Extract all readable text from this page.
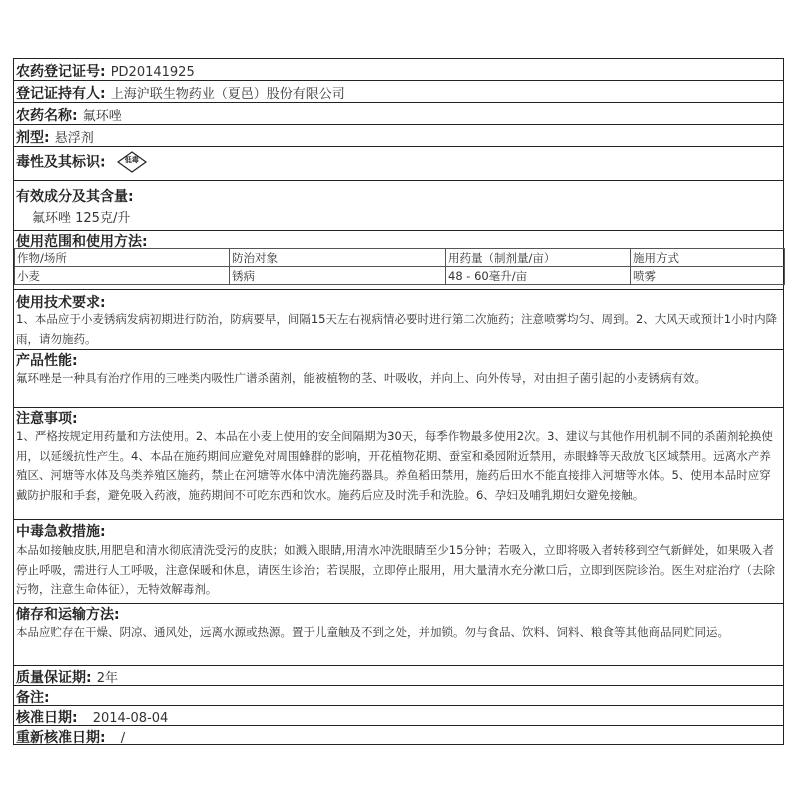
农药登记证号: PD20141925
登记证持有人: 上海沪联生物药业（夏邑）股份有限公司
农药名称: 氟环唑
剂型: 悬浮剂
毒性及其标识:	低毒
有效成分及其含量:
氟环唑 125克/升
使用范围和使用方法:
作物/场所	防治对象	用药量（制剂量/亩）	施用方式
小麦	锈病	48 - 60毫升/亩	喷雾
使用技术要求:
1、本品应于小麦锈病发病初期进行防治，防病要早，间隔15天左右视病情必要时进行第二次施药；注意喷雾均匀、周到。2、大风天或预计1小时内降雨，请勿施药。
产品性能:
氟环唑是一种具有治疗作用的三唑类内吸性广谱杀菌剂，能被植物的茎、叶吸收，并向上、向外传导，对由担子菌引起的小麦锈病有效。
注意事项:
1、严格按规定用药量和方法使用。2、本品在小麦上使用的安全间隔期为30天，每季作物最多使用2次。3、建议与其他作用机制不同的杀菌剂轮换使用，以延缓抗性产生。4、本品在施药期间应避免对周围蜂群的影响，开花植物花期、蚕室和桑园附近禁用，赤眼蜂等天敌放飞区域禁用。远离水产养殖区、河塘等水体及鸟类养殖区施药，禁止在河塘等水体中清洗施药器具。养鱼稻田禁用，施药后田水不能直接排入河塘等水体。5、使用本品时应穿戴防护服和手套，避免吸入药液，施药期间不可吃东西和饮水。施药后应及时洗手和洗脸。6、孕妇及哺乳期妇女避免接触。
中毒急救措施:
本品如接触皮肤,用肥皂和清水彻底清洗受污的皮肤；如溅入眼睛,用清水冲洗眼睛至少15分钟；若吸入，立即将吸入者转移到空气新鲜处，如果吸入者停止呼吸，需进行人工呼吸，注意保暖和休息，请医生诊治；若误服，立即停止服用，用大量清水充分漱口后，立即到医院诊治。医生对症治疗（去除污物，注意生命体征），无特效解毒剂。
储存和运输方法:
本品应贮存在干燥、阴凉、通风处，远离水源或热源。置于儿童触及不到之处，并加锁。勿与食品、饮料、饲料、粮食等其他商品同贮同运。
质量保证期: 2年
备注:
核准日期: 2014-08-04
重新核准日期: /
